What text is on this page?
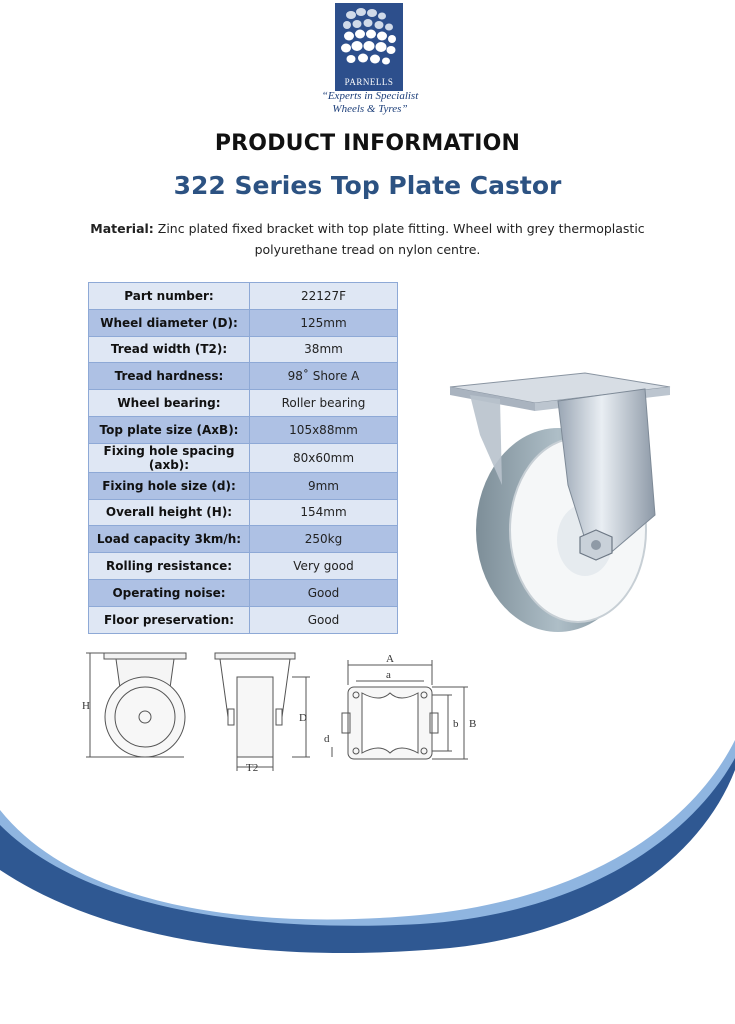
PARNELLS
“Experts in Specialist
Wheels & Tyres”
PRODUCT INFORMATION
322 Series Top Plate Castor
Material: Zinc plated fixed bracket with top plate fitting. Wheel with grey thermoplastic polyurethane tread on nylon centre.
Part number:	22127F
Wheel diameter (D):	125mm
Tread width (T2):	38mm
Tread hardness:	98˚ Shore A
Wheel bearing:	Roller bearing
Top plate size (AxB):	105x88mm
Fixing hole spacing (axb):	80x60mm
Fixing hole size (d):	9mm
Overall height (H):	154mm
Load capacity 3km/h:	250kg
Rolling resistance:	Very good
Operating noise:	Good
Floor preservation:	Good
H
D
T2
A
a
b B
d
